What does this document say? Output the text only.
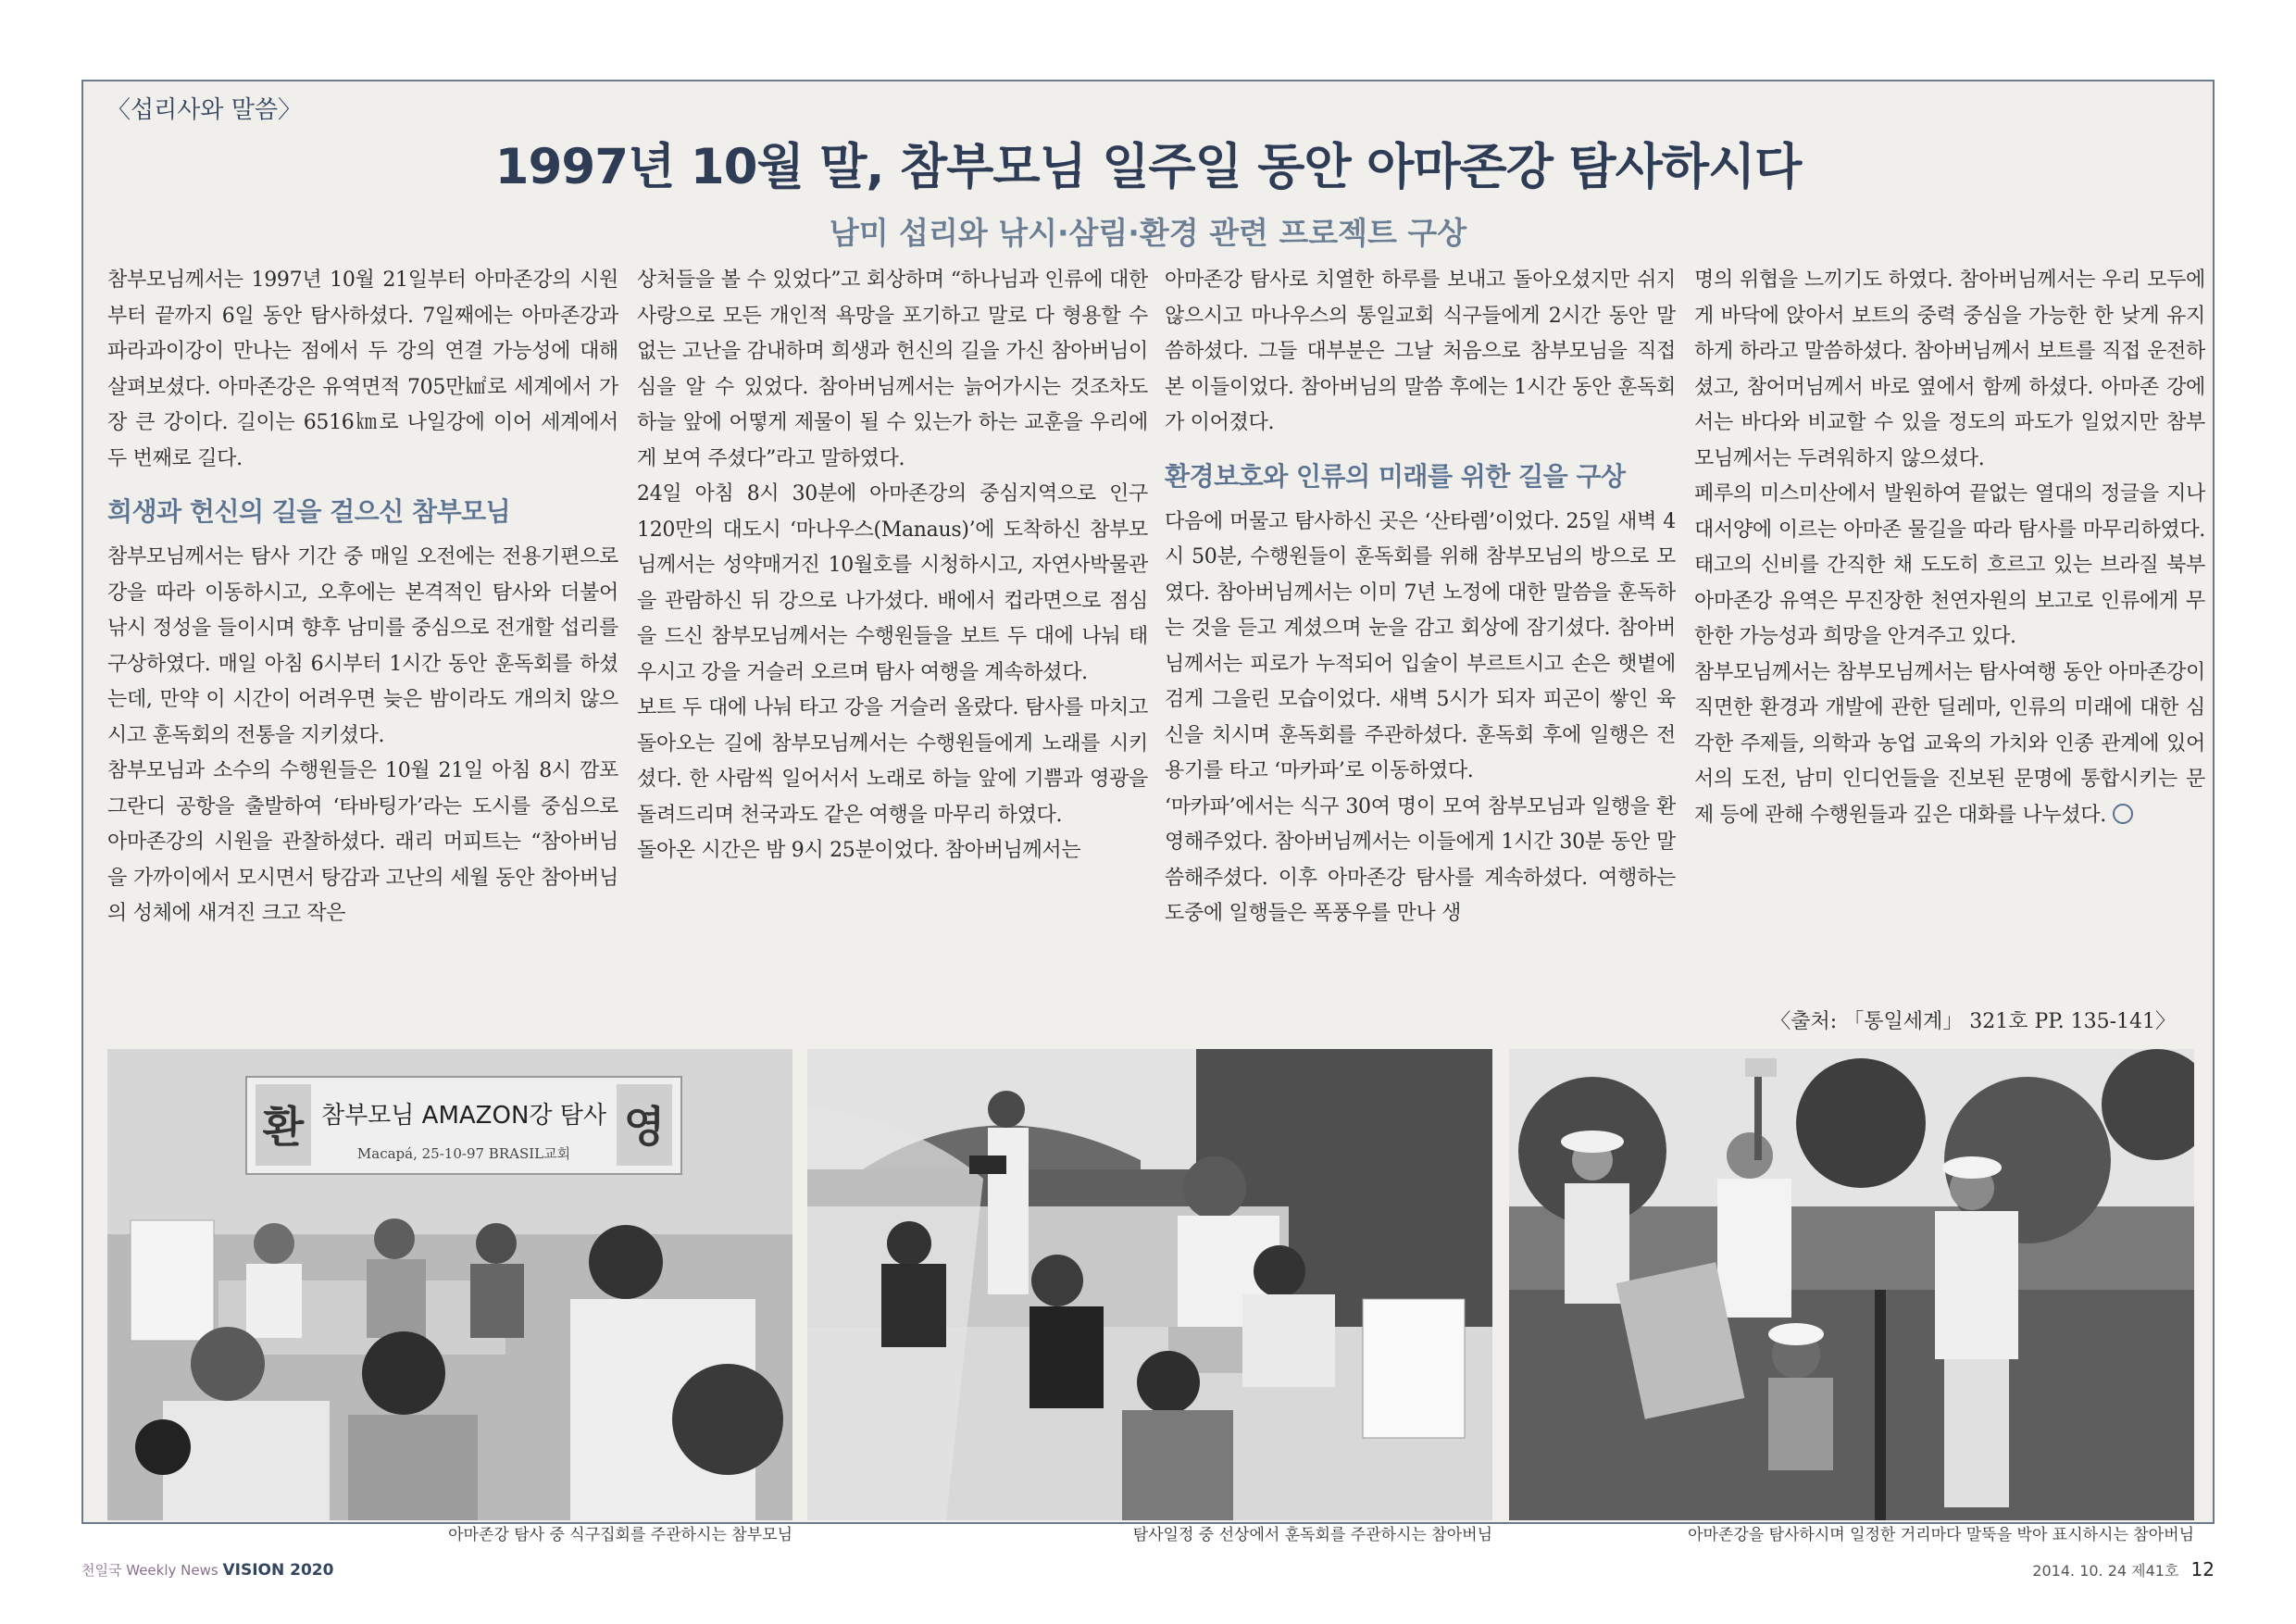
〈섭리사와 말씀〉
1997년 10월 말, 참부모님 일주일 동안 아마존강 탐사하시다
남미 섭리와 낚시·삼림·환경 관련 프로젝트 구상

참부모님께서는 1997년 10월 21일부터 아마존강의 시원부터 끝까지 6일 동안 탐사하셨다. 7일째에는 아마존강과 파라과이강이 만나는 점에서 두 강의 연결 가능성에 대해 살펴보셨다. 아마존강은 유역면적 705만㎢로 세계에서 가장 큰 강이다. 길이는 6516㎞로 나일강에 이어 세계에서 두 번째로 길다.

희생과 헌신의 길을 걸으신 참부모님

참부모님께서는 탐사 기간 중 매일 오전에는 전용기편으로 강을 따라 이동하시고, 오후에는 본격적인 탐사와 더불어 낚시 정성을 들이시며 향후 남미를 중심으로 전개할 섭리를 구상하였다. 매일 아침 6시부터 1시간 동안 훈독회를 하셨는데, 만약 이 시간이 어려우면 늦은 밤이라도 개의치 않으시고 훈독회의 전통을 지키셨다.

참부모님과 소수의 수행원들은 10월 21일 아침 8시 깜포그란디 공항을 출발하여 ‘타바팅가’라는 도시를 중심으로 아마존강의 시원을 관찰하셨다. 래리 머피트는 “참아버님을 가까이에서 모시면서 탕감과 고난의 세월 동안 참아버님의 성체에 새겨진 크고 작은

상처들을 볼 수 있었다”고 회상하며 “하나님과 인류에 대한 사랑으로 모든 개인적 욕망을 포기하고 말로 다 형용할 수 없는 고난을 감내하며 희생과 헌신의 길을 가신 참아버님이심을 알 수 있었다. 참아버님께서는 늙어가시는 것조차도 하늘 앞에 어떻게 제물이 될 수 있는가 하는 교훈을 우리에게 보여 주셨다”라고 말하였다.

24일 아침 8시 30분에 아마존강의 중심지역으로 인구 120만의 대도시 ‘마나우스(Manaus)’에 도착하신 참부모님께서는 성약매거진 10월호를 시청하시고, 자연사박물관을 관람하신 뒤 강으로 나가셨다. 배에서 컵라면으로 점심을 드신 참부모님께서는 수행원들을 보트 두 대에 나눠 태우시고 강을 거슬러 오르며 탐사 여행을 계속하셨다.

보트 두 대에 나눠 타고 강을 거슬러 올랐다. 탐사를 마치고 돌아오는 길에 참부모님께서는 수행원들에게 노래를 시키셨다. 한 사람씩 일어서서 노래로 하늘 앞에 기쁨과 영광을 돌려드리며 천국과도 같은 여행을 마무리 하였다.

돌아온 시간은 밤 9시 25분이었다. 참아버님께서는

아마존강 탐사로 치열한 하루를 보내고 돌아오셨지만 쉬지 않으시고 마나우스의 통일교회 식구들에게 2시간 동안 말씀하셨다. 그들 대부분은 그날 처음으로 참부모님을 직접 본 이들이었다. 참아버님의 말씀 후에는 1시간 동안 훈독회가 이어졌다.

환경보호와 인류의 미래를 위한 길을 구상

다음에 머물고 탐사하신 곳은 ‘산타렘’이었다. 25일 새벽 4시 50분, 수행원들이 훈독회를 위해 참부모님의 방으로 모였다. 참아버님께서는 이미 7년 노정에 대한 말씀을 훈독하는 것을 듣고 계셨으며 눈을 감고 회상에 잠기셨다. 참아버님께서는 피로가 누적되어 입술이 부르트시고 손은 햇볕에 검게 그을린 모습이었다. 새벽 5시가 되자 피곤이 쌓인 육신을 치시며 훈독회를 주관하셨다. 훈독회 후에 일행은 전용기를 타고 ‘마카파’로 이동하였다.

‘마카파’에서는 식구 30여 명이 모여 참부모님과 일행을 환영해주었다. 참아버님께서는 이들에게 1시간 30분 동안 말씀해주셨다. 이후 아마존강 탐사를 계속하셨다. 여행하는 도중에 일행들은 폭풍우를 만나 생

명의 위협을 느끼기도 하였다. 참아버님께서는 우리 모두에게 바닥에 앉아서 보트의 중력 중심을 가능한 한 낮게 유지하게 하라고 말씀하셨다. 참아버님께서 보트를 직접 운전하셨고, 참어머님께서 바로 옆에서 함께 하셨다. 아마존 강에서는 바다와 비교할 수 있을 정도의 파도가 일었지만 참부모님께서는 두려워하지 않으셨다.

페루의 미스미산에서 발원하여 끝없는 열대의 정글을 지나 대서양에 이르는 아마존 물길을 따라 탐사를 마무리하였다. 태고의 신비를 간직한 채 도도히 흐르고 있는 브라질 북부 아마존강 유역은 무진장한 천연자원의 보고로 인류에게 무한한 가능성과 희망을 안겨주고 있다.

참부모님께서는 참부모님께서는 탐사여행 동안 아마존강이 직면한 환경과 개발에 관한 딜레마, 인류의 미래에 대한 심각한 주제들, 의학과 농업 교육의 가치와 인종 관계에 있어서의 도전, 남미 인디언들을 진보된 문명에 통합시키는 문제 등에 관해 수행원들과 깊은 대화를 나누셨다.

〈출처: 「통일세계」 321호 PP. 135-141〉
환	영
참부모님 AMAZON강 탐사
Macapá, 25-10-97 BRASIL교회
아마존강 탐사 중 식구집회를 주관하시는 참부모님	탐사일정 중 선상에서 훈독회를 주관하시는 참아버님	아마존강을 탐사하시며 일정한 거리마다 말뚝을 박아 표시하시는 참아버님
천일국 Weekly News VISION 2020	2014. 10. 24 제41호 12
